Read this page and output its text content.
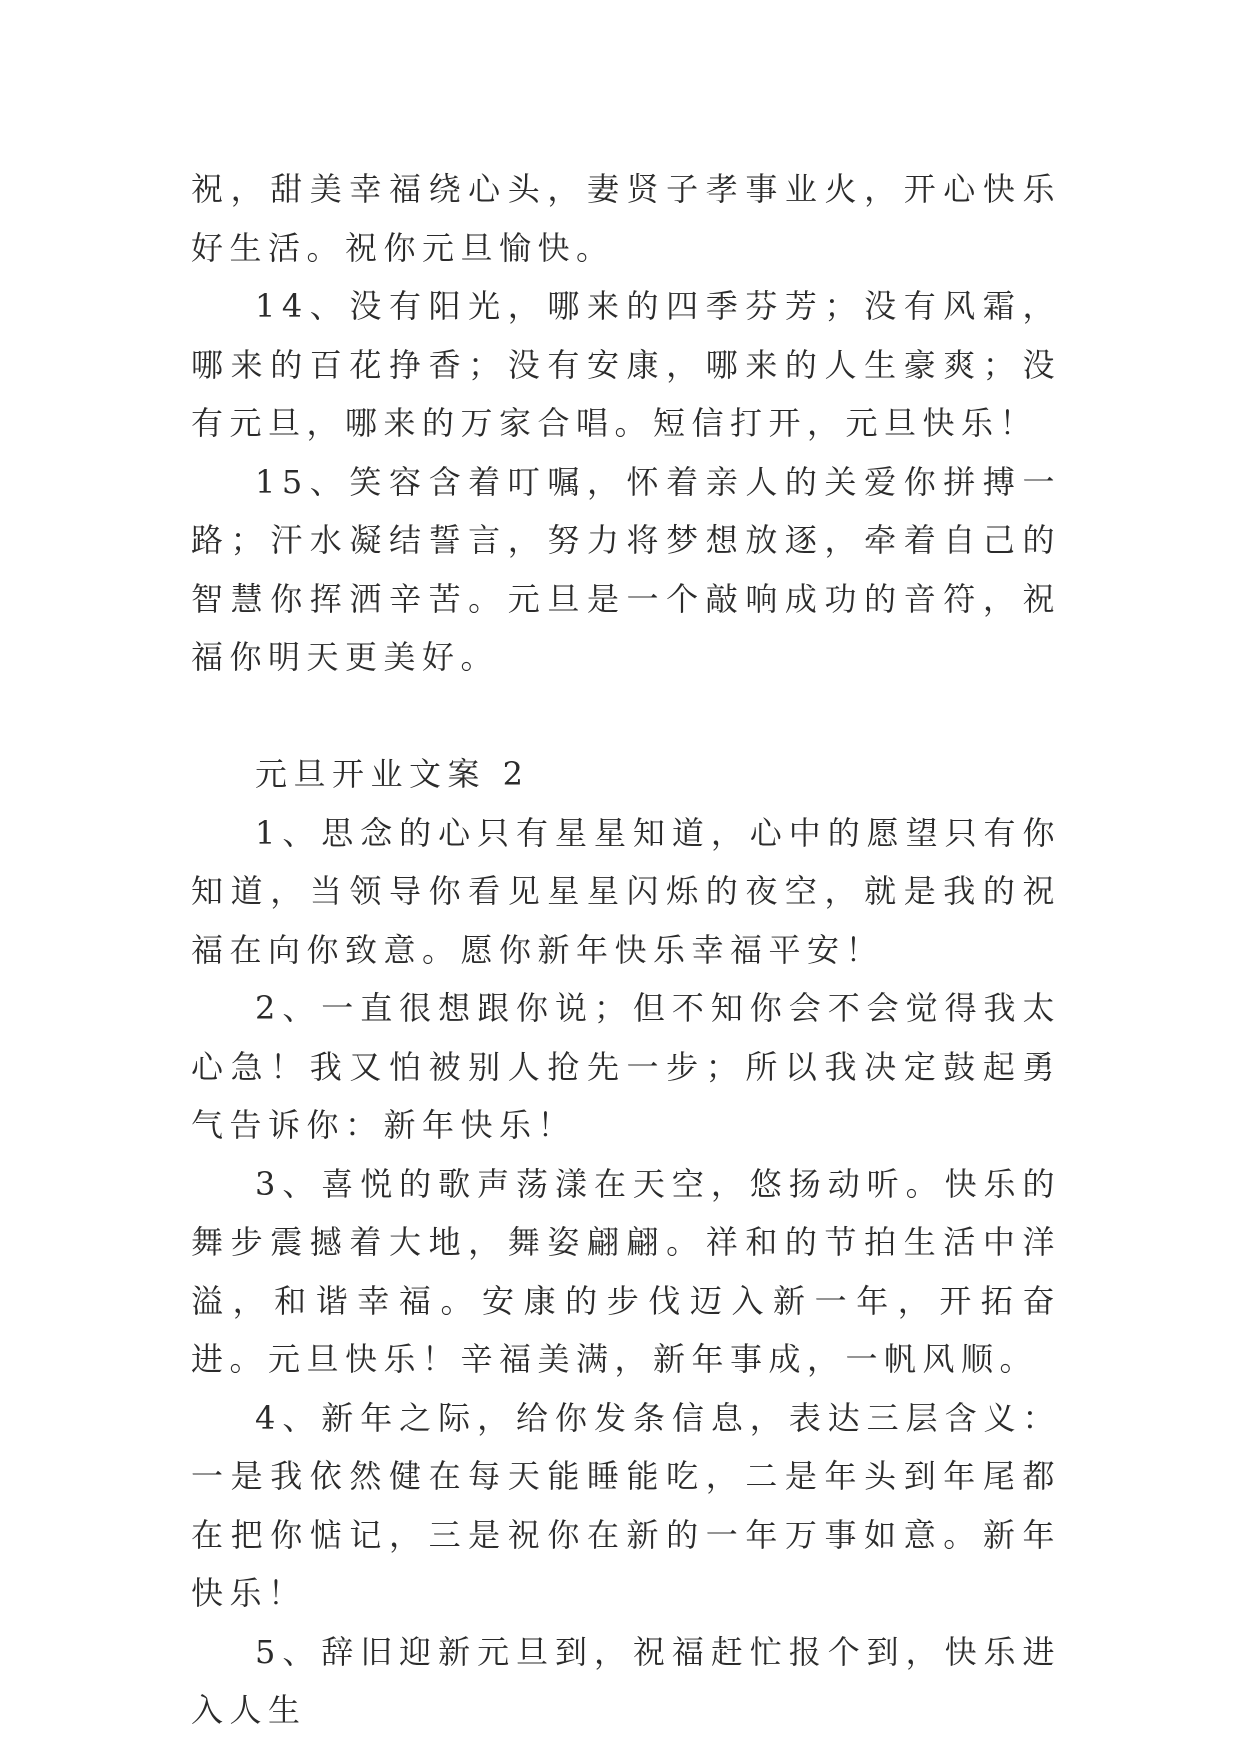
祝，甜美幸福绕心头，妻贤子孝事业火，开心快乐好生活。祝你元旦愉快。

14、没有阳光，哪来的四季芬芳；没有风霜，哪来的百花挣香；没有安康，哪来的人生豪爽；没有元旦，哪来的万家合唱。短信打开，元旦快乐！

15、笑容含着叮嘱，怀着亲人的关爱你拼搏一路；汗水凝结誓言，努力将梦想放逐，牵着自己的智慧你挥洒辛苦。元旦是一个敲响成功的音符，祝福你明天更美好。

元旦开业文案 2

1、思念的心只有星星知道，心中的愿望只有你知道，当领导你看见星星闪烁的夜空，就是我的祝福在向你致意。愿你新年快乐幸福平安！

2、一直很想跟你说；但不知你会不会觉得我太心急！我又怕被别人抢先一步；所以我决定鼓起勇气告诉你：新年快乐！

3、喜悦的歌声荡漾在天空，悠扬动听。快乐的舞步震撼着大地，舞姿翩翩。祥和的节拍生活中洋溢，和谐幸福。安康的步伐迈入新一年，开拓奋进。元旦快乐！辛福美满，新年事成，一帆风顺。

4、新年之际，给你发条信息，表达三层含义：一是我依然健在每天能睡能吃，二是年头到年尾都在把你惦记，三是祝你在新的一年万事如意。新年快乐！

5、辞旧迎新元旦到，祝福赶忙报个到，快乐进入人生
